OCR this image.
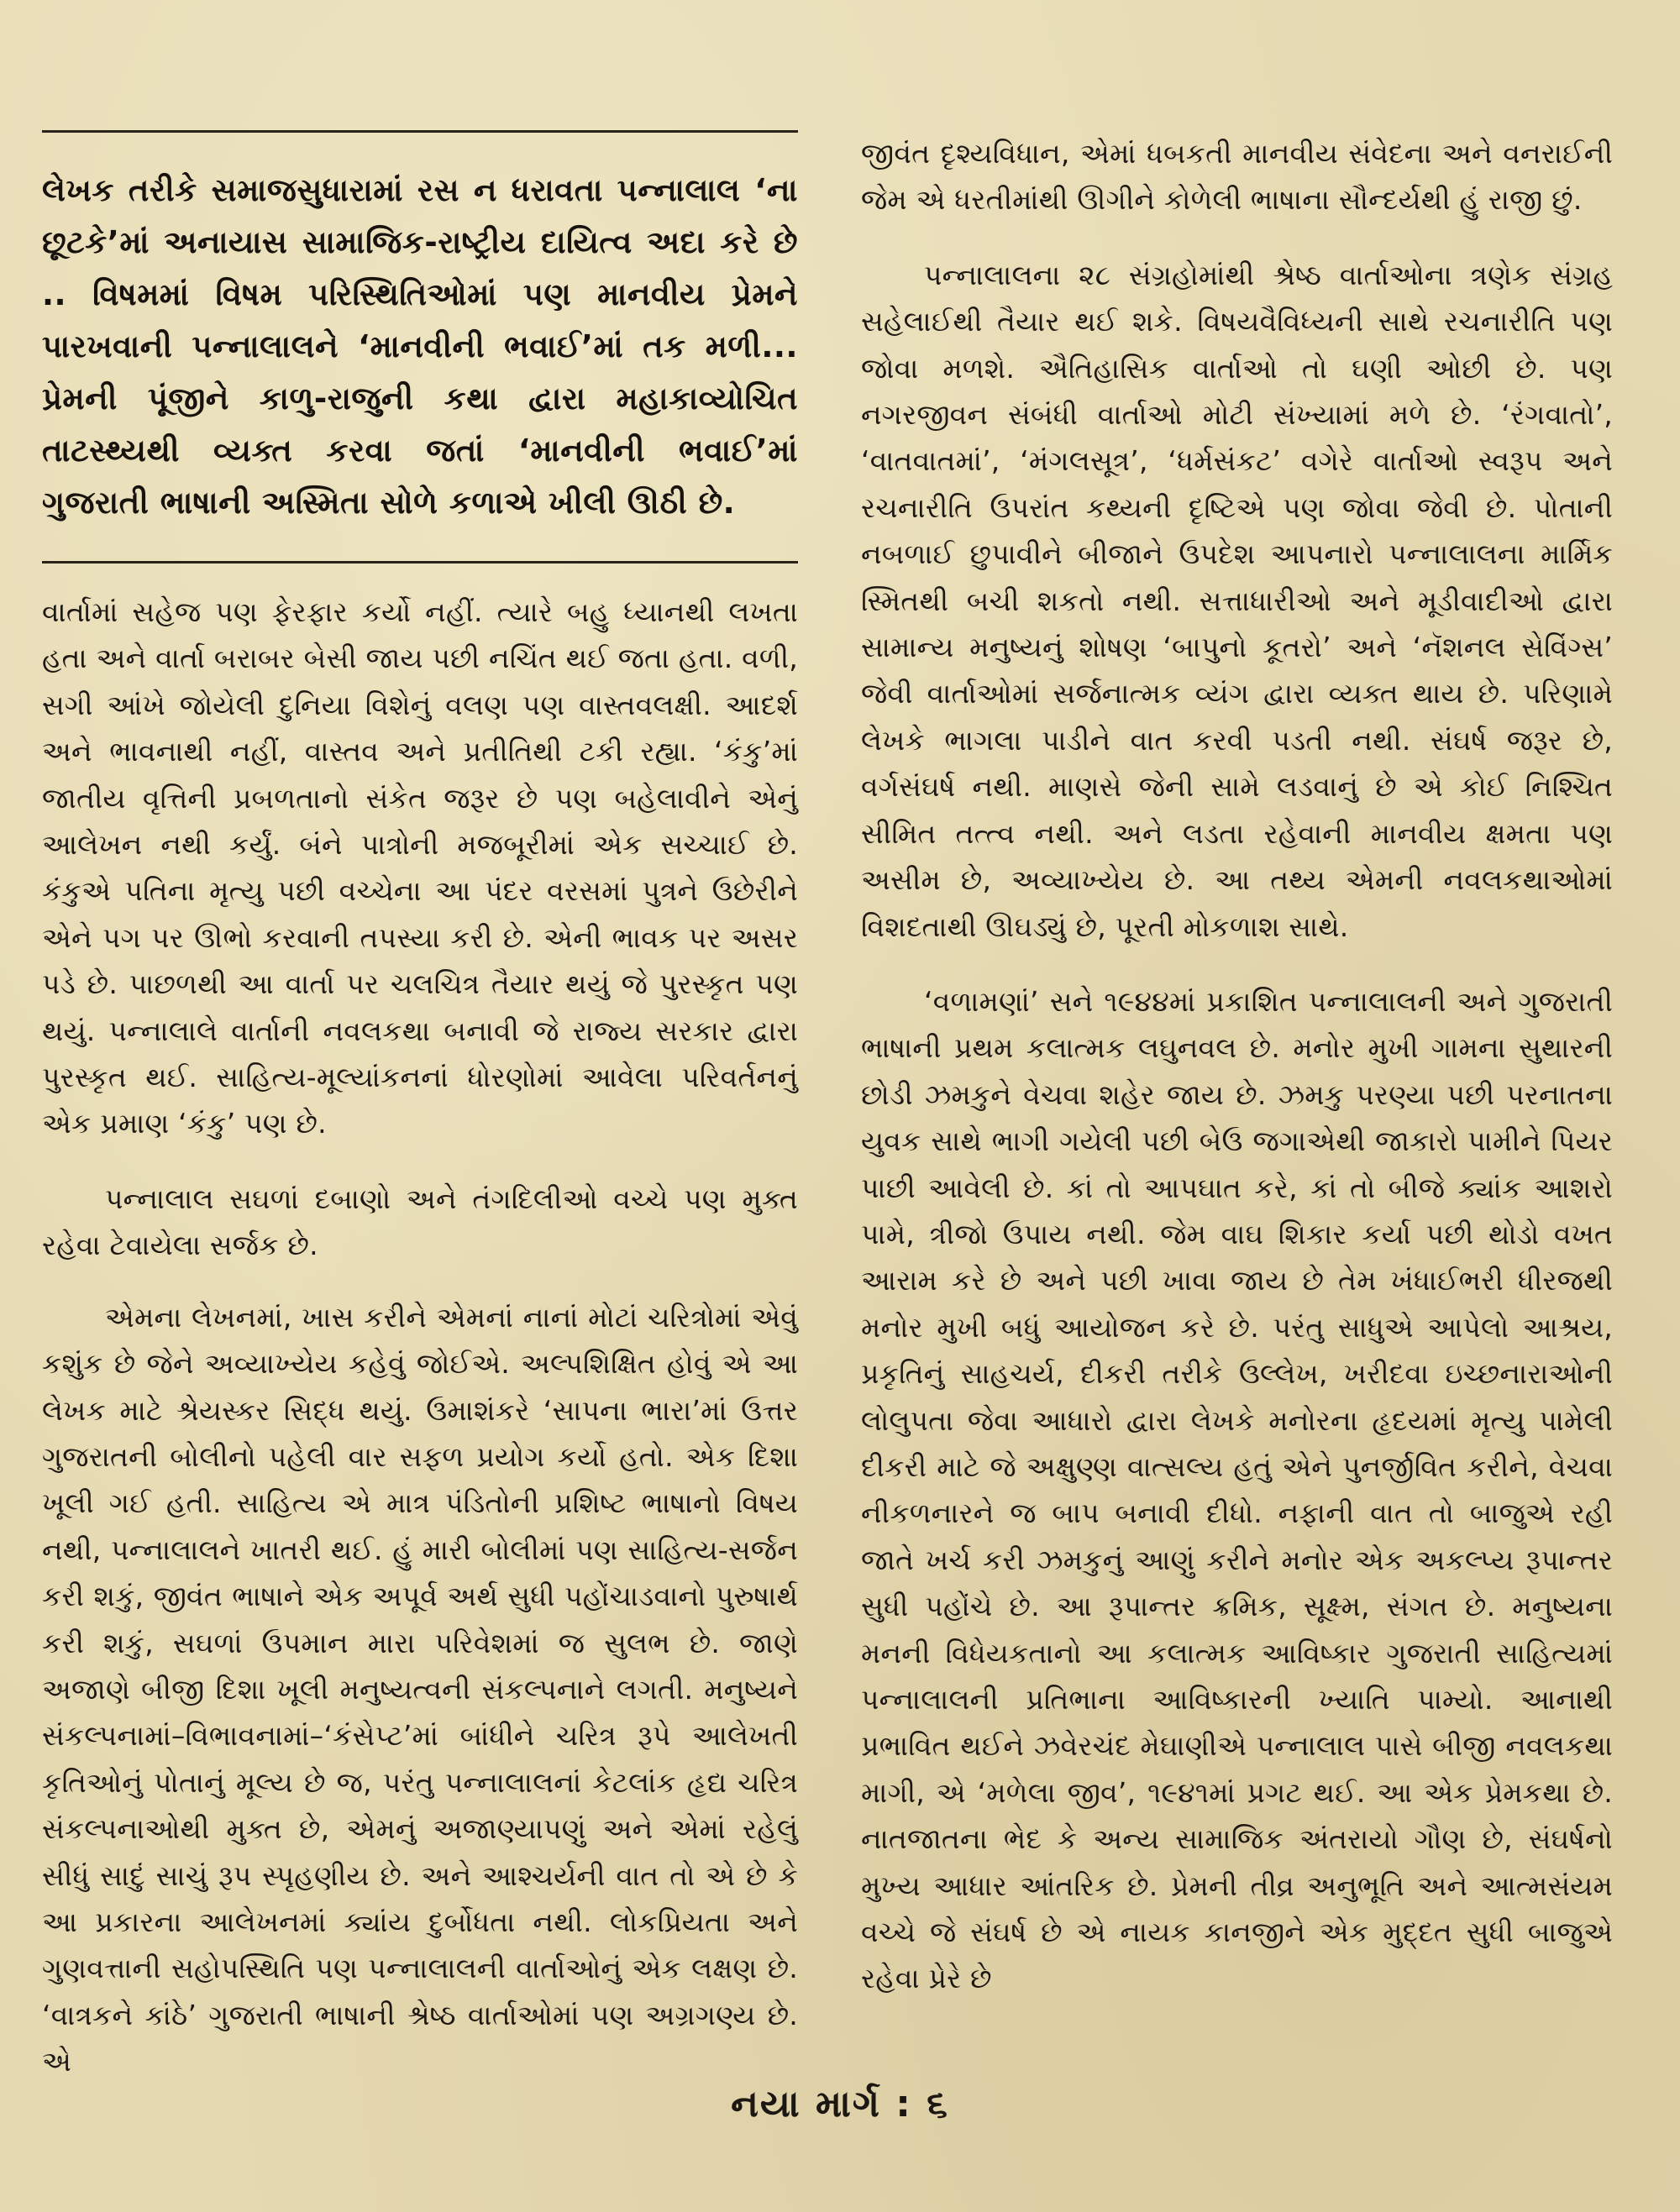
લેખક તરીકે સમાજસુધારામાં રસ ન ધરાવતા પન્નાલાલ ‘ના છૂટકે’માં અનાયાસ સામાજિક-રાષ્ટ્રીય દાયિત્વ અદા કરે છે .. વિષમમાં વિષમ પરિસ્થિતિઓમાં પણ માનવીય પ્રેમને પારખવાની પન્નાલાલને ‘માનવીની ભવાઈ’માં તક મળી... પ્રેમની પૂંજીને કાળુ-રાજુની કથા દ્વારા મહાકાવ્યોચિત તાટસ્થ્યથી વ્યક્ત કરવા જતાં ‘માનવીની ભવાઈ’માં ગુજરાતી ભાષાની અસ્મિતા સોળે કળાએ ખીલી ઊઠી છે.

વાર્તામાં સહેજ પણ ફેરફાર કર્યો નહીં. ત્યારે બહુ ધ્યાનથી લખતા હતા અને વાર્તા બરાબર બેસી જાય પછી નચિંત થઈ જતા હતા. વળી, સગી આંખે જોયેલી દુનિયા વિશેનું વલણ પણ વાસ્તવલક્ષી. આદર્શ અને ભાવનાથી નહીં, વાસ્તવ અને પ્રતીતિથી ટકી રહ્યા. ‘કંકુ’માં જાતીય વૃત્તિની પ્રબળતાનો સંકેત જરૂર છે પણ બહેલાવીને એનું આલેખન નથી કર્યું. બંને પાત્રોની મજબૂરીમાં એક સચ્ચાઈ છે. કંકુએ પતિના મૃત્યુ પછી વચ્ચેના આ પંદર વરસમાં પુત્રને ઉછેરીને એને પગ પર ઊભો કરવાની તપસ્યા કરી છે. એની ભાવક પર અસર પડે છે. પાછળથી આ વાર્તા પર ચલચિત્ર તૈયાર થયું જે પુરસ્કૃત પણ થયું. પન્નાલાલે વાર્તાની નવલકથા બનાવી જે રાજ્ય સરકાર દ્વારા પુરસ્કૃત થઈ. સાહિત્ય-મૂલ્યાંકનનાં ધોરણોમાં આવેલા પરિવર્તનનું એક પ્રમાણ ‘કંકુ’ પણ છે.

પન્નાલાલ સઘળાં દબાણો અને તંગદિલીઓ વચ્ચે પણ મુક્ત રહેવા ટેવાયેલા સર્જક છે.

એમના લેખનમાં, ખાસ કરીને એમનાં નાનાં મોટાં ચરિત્રોમાં એવું કશુંક છે જેને અવ્યાખ્યેય કહેવું જોઈએ. અલ્પશિક્ષિત હોવું એ આ લેખક માટે શ્રેયસ્કર સિદ્ધ થયું. ઉમાશંકરે ‘સાપના ભારા’માં ઉત્તર ગુજરાતની બોલીનો પહેલી વાર સફળ પ્રયોગ કર્યો હતો. એક દિશા ખૂલી ગઈ હતી. સાહિત્ય એ માત્ર પંડિતોની પ્રશિષ્ટ ભાષાનો વિષય નથી, પન્નાલાલને ખાતરી થઈ. હું મારી બોલીમાં પણ સાહિત્ય-સર્જન કરી શકું, જીવંત ભાષાને એક અપૂર્વ અર્થ સુધી પહોંચાડવાનો પુરુષાર્થ કરી શકું, સઘળાં ઉપમાન મારા પરિવેશમાં જ સુલભ છે. જાણે અજાણે બીજી દિશા ખૂલી મનુષ્યત્વની સંકલ્પનાને લગતી. મનુષ્યને સંકલ્પનામાં–વિભાવનામાં–‘કંસેપ્ટ’માં બાંધીને ચરિત્ર રૂપે આલેખતી કૃતિઓનું પોતાનું મૂલ્ય છે જ, પરંતુ પન્નાલાલનાં કેટલાંક હૃદ્ય ચરિત્ર સંકલ્પનાઓથી મુક્ત છે, એમનું અજાણ્યાપણું અને એમાં રહેલું સીધું સાદું સાચું રૂપ સ્પૃહણીય છે. અને આશ્ચર્યની વાત તો એ છે કે આ પ્રકારના આલેખનમાં ક્યાંય દુર્બોધતા નથી. લોકપ્રિયતા અને ગુણવત્તાની સહોપસ્થિતિ પણ પન્નાલાલની વાર્તાઓનું એક લક્ષણ છે. ‘વાત્રકને કાંઠે’ ગુજરાતી ભાષાની શ્રેષ્ઠ વાર્તાઓમાં પણ અગ્રગણ્ય છે. એ

જીવંત દૃશ્યવિધાન, એમાં ધબકતી માનવીય સંવેદના અને વનરાઈની જેમ એ ધરતીમાંથી ઊગીને કોળેલી ભાષાના સૌન્દર્યથી હું રાજી છું.

પન્નાલાલના ૨૮ સંગ્રહોમાંથી શ્રેષ્ઠ વાર્તાઓના ત્રણેક સંગ્રહ સહેલાઈથી તૈયાર થઈ શકે. વિષયવૈવિધ્યની સાથે રચનારીતિ પણ જોવા મળશે. ઐતિહાસિક વાર્તાઓ તો ઘણી ઓછી છે. પણ નગરજીવન સંબંધી વાર્તાઓ મોટી સંખ્યામાં મળે છે. ‘રંગવાતો’, ‘વાતવાતમાં’, ‘મંગલસૂત્ર’, ‘ધર્મસંકટ’ વગેરે વાર્તાઓ સ્વરૂપ અને રચનારીતિ ઉપરાંત કથ્યની દૃષ્ટિએ પણ જોવા જેવી છે. પોતાની નબળાઈ છુપાવીને બીજાને ઉપદેશ આપનારો પન્નાલાલના માર્મિક સ્મિતથી બચી શકતો નથી. સત્તાધારીઓ અને મૂડીવાદીઓ દ્વારા સામાન્ય મનુષ્યનું શોષણ ‘બાપુનો કૂતરો’ અને ‘નૅશનલ સેવિંગ્સ’ જેવી વાર્તાઓમાં સર્જનાત્મક વ્યંગ દ્વારા વ્યક્ત થાય છે. પરિણામે લેખકે ભાગલા પાડીને વાત કરવી પડતી નથી. સંઘર્ષ જરૂર છે, વર્ગસંઘર્ષ નથી. માણસે જેની સામે લડવાનું છે એ કોઈ નિશ્ચિત સીમિત તત્ત્વ નથી. અને લડતા રહેવાની માનવીય ક્ષમતા પણ અસીમ છે, અવ્યાખ્યેય છે. આ તથ્ય એમની નવલકથાઓમાં વિશદતાથી ઊઘડ્યું છે, પૂરતી મોકળાશ સાથે.

‘વળામણાં’ સને ૧૯૪૪માં પ્રકાશિત પન્નાલાલની અને ગુજરાતી ભાષાની પ્રથમ કલાત્મક લઘુનવલ છે. મનોર મુખી ગામના સુથારની છોડી ઝમકુને વેચવા શહેર જાય છે. ઝમકુ પરણ્યા પછી પરનાતના યુવક સાથે ભાગી ગયેલી પછી બેઉ જગાએથી જાકારો પામીને પિયર પાછી આવેલી છે. કાં તો આપઘાત કરે, કાં તો બીજે ક્યાંક આશરો પામે, ત્રીજો ઉપાય નથી. જેમ વાઘ શિકાર કર્યા પછી થોડો વખત આરામ કરે છે અને પછી ખાવા જાય છે તેમ ખંધાઈભરી ધીરજથી મનોર મુખી બધું આયોજન કરે છે. પરંતુ સાધુએ આપેલો આશ્રય, પ્રકૃતિનું સાહચર્ય, દીકરી તરીકે ઉલ્લેખ, ખરીદવા ઇચ્છનારાઓની લોલુપતા જેવા આધારો દ્વારા લેખકે મનોરના હૃદયમાં મૃત્યુ પામેલી દીકરી માટે જે અક્ષુણ્ણ વાત્સલ્ય હતું એને પુનર્જીવિત કરીને, વેચવા નીકળનારને જ બાપ બનાવી દીધો. નફાની વાત તો બાજુએ રહી જાતે ખર્ચ કરી ઝમકુનું આણું કરીને મનોર એક અકલ્પ્ય રૂપાન્તર સુધી પહોંચે છે. આ રૂપાન્તર ક્રમિક, સૂક્ષ્મ, સંગત છે. મનુષ્યના મનની વિધેયકતાનો આ કલાત્મક આવિષ્કાર ગુજરાતી સાહિત્યમાં પન્નાલાલની પ્રતિભાના આવિષ્કારની ખ્યાતિ પામ્યો. આનાથી પ્રભાવિત થઈને ઝવેરચંદ મેઘાણીએ પન્નાલાલ પાસે બીજી નવલકથા માગી, એ ‘મળેલા જીવ’, ૧૯૪૧માં પ્રગટ થઈ. આ એક પ્રેમકથા છે. નાતજાતના ભેદ કે અન્ય સામાજિક અંતરાયો ગૌણ છે, સંઘર્ષનો મુખ્ય આધાર આંતરિક છે. પ્રેમની તીવ્ર અનુભૂતિ અને આત્મસંયમ વચ્ચે જે સંઘર્ષ છે એ નાયક કાનજીને એક મુદ્દત સુધી બાજુએ રહેવા પ્રેરે છે

નયા માર્ગ : ૬
